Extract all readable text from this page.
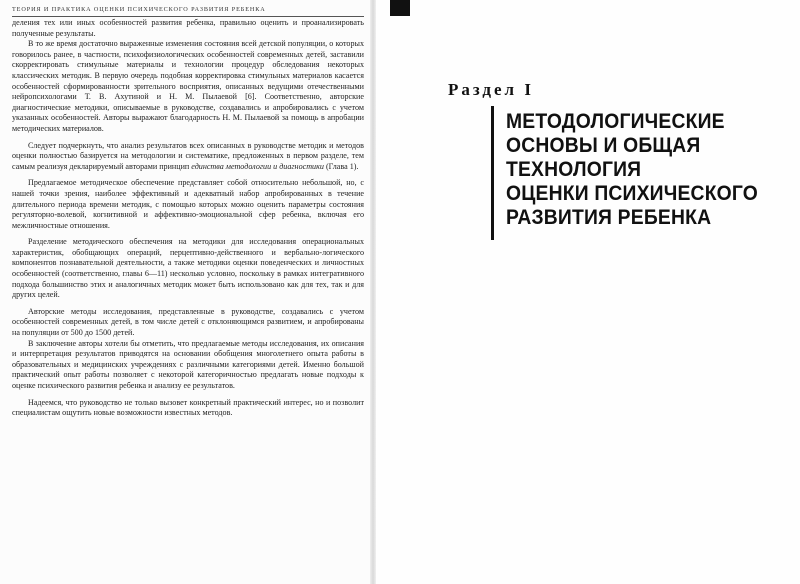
ТЕОРИЯ И ПРАКТИКА ОЦЕНКИ ПСИХИЧЕСКОГО РАЗВИТИЯ РЕБЕНКА

деления тех или иных особенностей развития ребенка, правильно оценить и проанализировать полученные результаты.

В то же время достаточно выраженные изменения состояния всей детской популяции, о которых говорилось ранее, в частности, психофизиологических особенностей современных детей, заставили скорректировать стимульные материалы и технологии процедур обследования некоторых классических методик. В первую очередь подобная корректировка стимульных материалов касается особенностей сформированности зрительного восприятия, описанных ведущими отечественными нейропсихологами Т. В. Ахутиной и Н. М. Пылаевой [6]. Соответственно, авторские диагностические методики, описываемые в руководстве, создавались и апробировались с учетом указанных особенностей. Авторы выражают благодарность Н. М. Пылаевой за помощь в апробации методических материалов.

Следует подчеркнуть, что анализ результатов всех описанных в руководстве методик и методов оценки полностью базируется на методологии и систематике, предложенных в первом разделе, тем самым реализуя декларируемый авторами принцип единства методологии и диагностики (Глава 1).

Предлагаемое методическое обеспечение представляет собой относительно небольшой, но, с нашей точки зрения, наиболее эффективный и адекватный набор апробированных в течение длительного периода времени методик, с помощью которых можно оценить параметры состояния регуляторно-волевой, когнитивной и аффективно-эмоциональной сфер ребенка, включая его межличностные отношения.

Разделение методического обеспечения на методики для исследования операциональных характеристик, обобщающих операций, перцептивно-действенного и вербально-логического компонентов познавательной деятельности, а также методики оценки поведенческих и личностных особенностей (соответственно, главы 6—11) несколько условно, поскольку в рамках интегративного подхода большинство этих и аналогичных методик может быть использовано как для тех, так и для других целей.

Авторские методы исследования, представленные в руководстве, создавались с учетом особенностей современных детей, в том числе детей с отклоняющимся развитием, и апробированы на популяции от 500 до 1500 детей.

В заключение авторы хотели бы отметить, что предлагаемые методы исследования, их описания и интерпретация результатов приводятся на основании обобщения многолетнего опыта работы в образовательных и медицинских учреждениях с различными категориями детей. Именно большой практический опыт работы позволяет с некоторой категоричностью предлагать новые подходы к оценке психического развития ребенка и анализу ее результатов.

Надеемся, что руководство не только вызовет конкретный практический интерес, но и позволит специалистам ощутить новые возможности известных методов.

Раздел I
МЕТОДОЛОГИЧЕСКИЕ
ОСНОВЫ И ОБЩАЯ
ТЕХНОЛОГИЯ
ОЦЕНКИ ПСИХИЧЕСКОГО
РАЗВИТИЯ РЕБЕНКА
